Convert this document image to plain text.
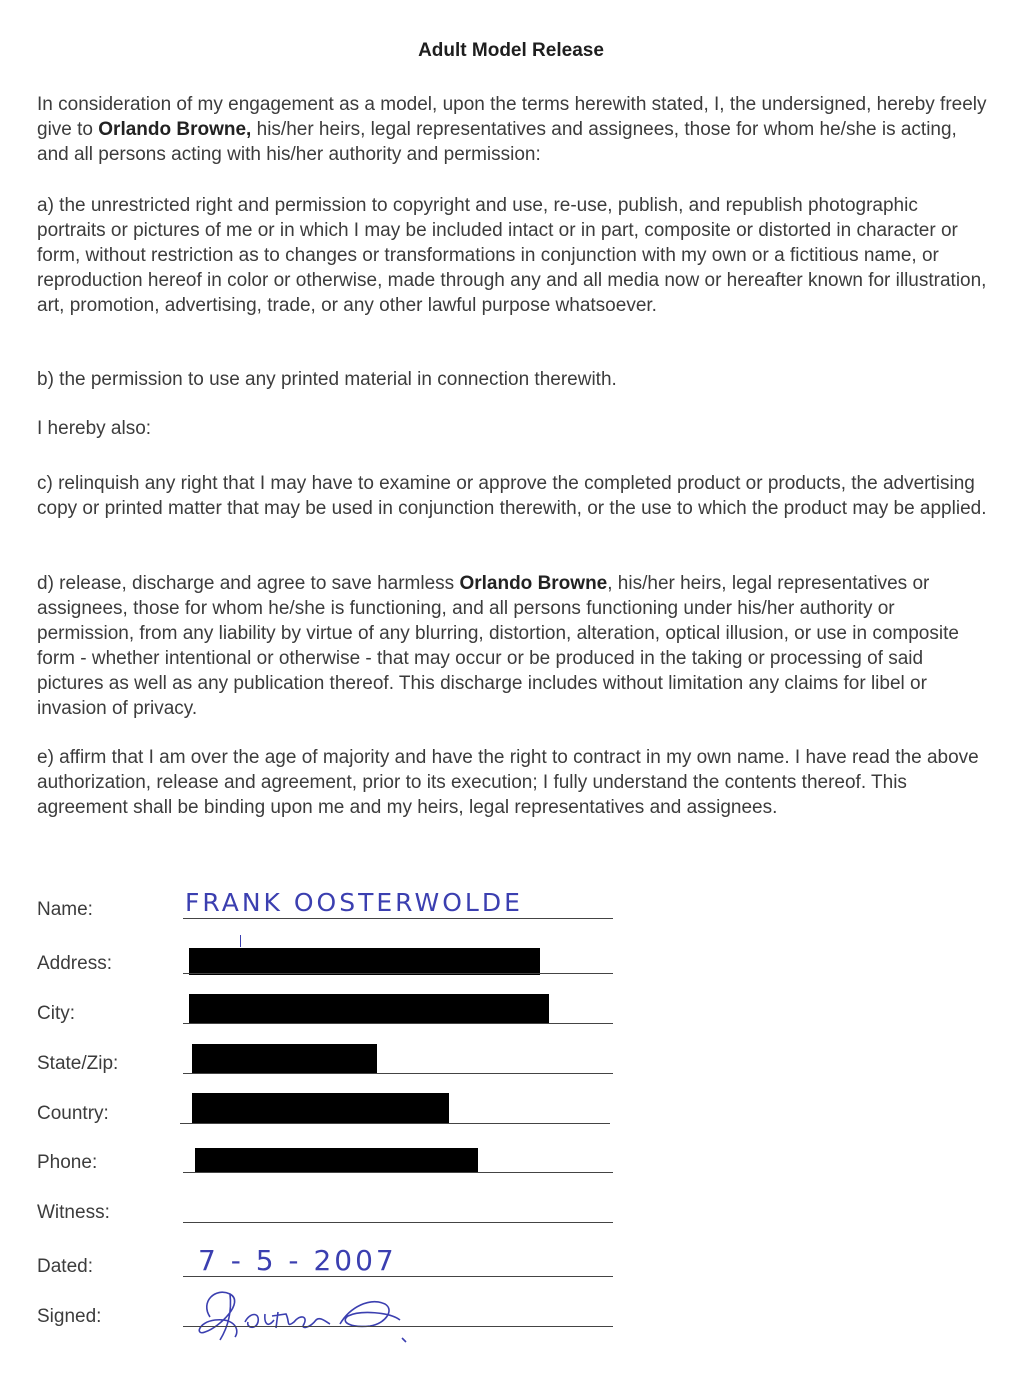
Adult Model Release

In consideration of my engagement as a model, upon the terms herewith stated, I, the undersigned, hereby freely give to Orlando Browne, his/her heirs, legal representatives and assignees, those for whom he/she is acting, and all persons acting with his/her authority and permission:

a) the unrestricted right and permission to copyright and use, re-use, publish, and republish photographic portraits or pictures of me or in which I may be included intact or in part, composite or distorted in character or form, without restriction as to changes or transformations in conjunction with my own or a fictitious name, or reproduction hereof in color or otherwise, made through any and all media now or hereafter known for illustration, art, promotion, advertising, trade, or any other lawful purpose whatsoever.

b) the permission to use any printed material in connection therewith.

I hereby also:

c) relinquish any right that I may have to examine or approve the completed product or products, the advertising copy or printed matter that may be used in conjunction therewith, or the use to which the product may be applied.

d) release, discharge and agree to save harmless Orlando Browne, his/her heirs, legal representatives or assignees, those for whom he/she is functioning, and all persons functioning under his/her authority or permission, from any liability by virtue of any blurring, distortion, alteration, optical illusion, or use in composite form - whether intentional or otherwise - that may occur or be produced in the taking or processing of said pictures as well as any publication thereof. This discharge includes without limitation any claims for libel or invasion of privacy.

e) affirm that I am over the age of majority and have the right to contract in my own name. I have read the above authorization, release and agreement, prior to its execution; I fully understand the contents thereof. This agreement shall be binding upon me and my heirs, legal representatives and assignees.

Name:	FRANK OOSTERWOLDE
Address:
City:
State/Zip:
Country:
Phone:
Witness:
Dated:	7 - 5 - 2007
Signed:
